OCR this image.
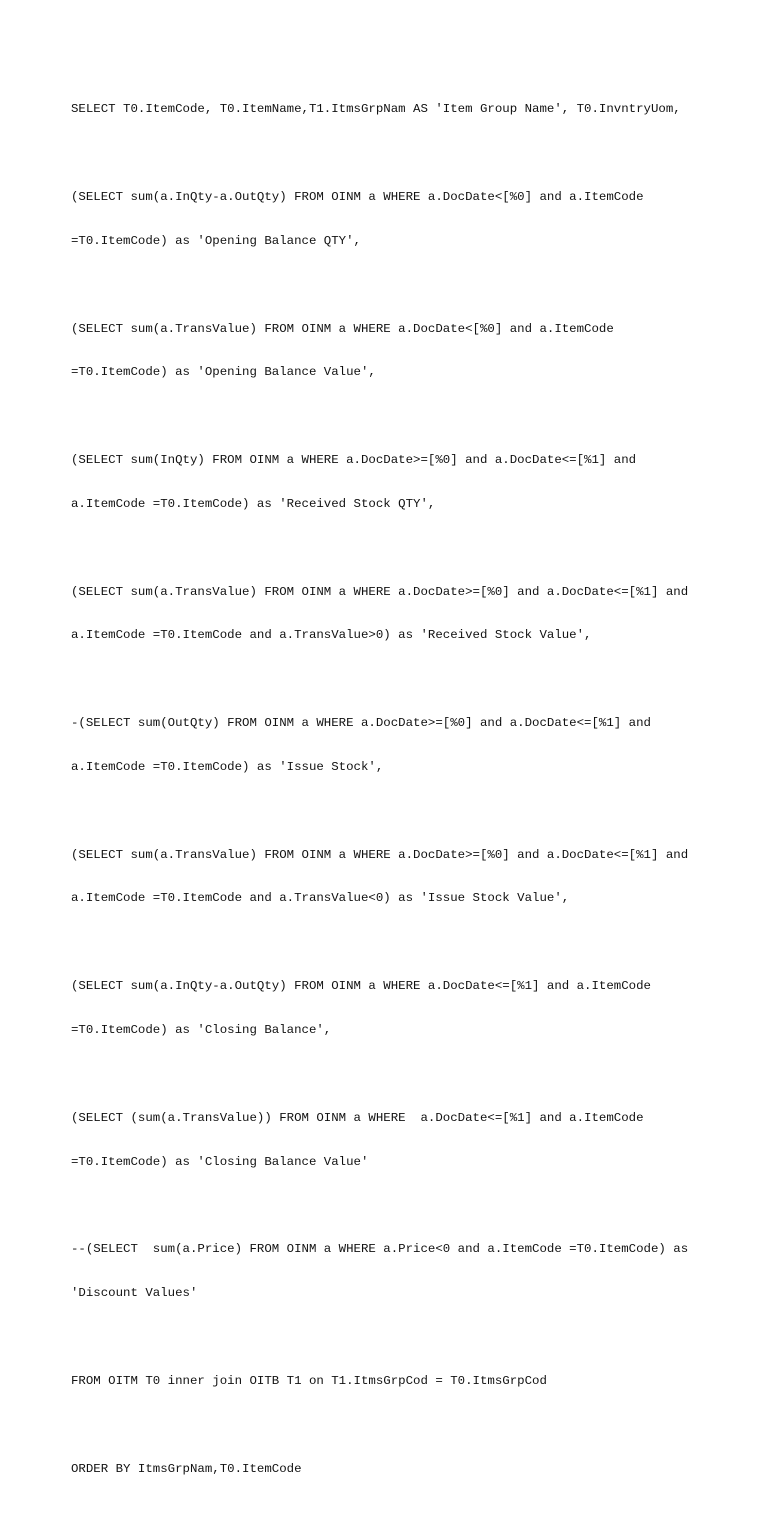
SELECT T0.ItemCode, T0.ItemName,T1.ItmsGrpNam AS 'Item Group Name', T0.InvntryUom,

(SELECT sum(a.InQty-a.OutQty) FROM OINM a WHERE a.DocDate<[%0] and a.ItemCode

=T0.ItemCode) as 'Opening Balance QTY',

(SELECT sum(a.TransValue) FROM OINM a WHERE a.DocDate<[%0] and a.ItemCode

=T0.ItemCode) as 'Opening Balance Value',

(SELECT sum(InQty) FROM OINM a WHERE a.DocDate>=[%0] and a.DocDate<=[%1] and

a.ItemCode =T0.ItemCode) as 'Received Stock QTY',

(SELECT sum(a.TransValue) FROM OINM a WHERE a.DocDate>=[%0] and a.DocDate<=[%1] and

a.ItemCode =T0.ItemCode and a.TransValue>0) as 'Received Stock Value',

-(SELECT sum(OutQty) FROM OINM a WHERE a.DocDate>=[%0] and a.DocDate<=[%1] and

a.ItemCode =T0.ItemCode) as 'Issue Stock',

(SELECT sum(a.TransValue) FROM OINM a WHERE a.DocDate>=[%0] and a.DocDate<=[%1] and

a.ItemCode =T0.ItemCode and a.TransValue<0) as 'Issue Stock Value',

(SELECT sum(a.InQty-a.OutQty) FROM OINM a WHERE a.DocDate<=[%1] and a.ItemCode

=T0.ItemCode) as 'Closing Balance',

(SELECT (sum(a.TransValue)) FROM OINM a WHERE  a.DocDate<=[%1] and a.ItemCode

=T0.ItemCode) as 'Closing Balance Value'

--(SELECT  sum(a.Price) FROM OINM a WHERE a.Price<0 and a.ItemCode =T0.ItemCode) as

'Discount Values'

FROM OITM T0 inner join OITB T1 on T1.ItmsGrpCod = T0.ItmsGrpCod

ORDER BY ItmsGrpNam,T0.ItemCode
